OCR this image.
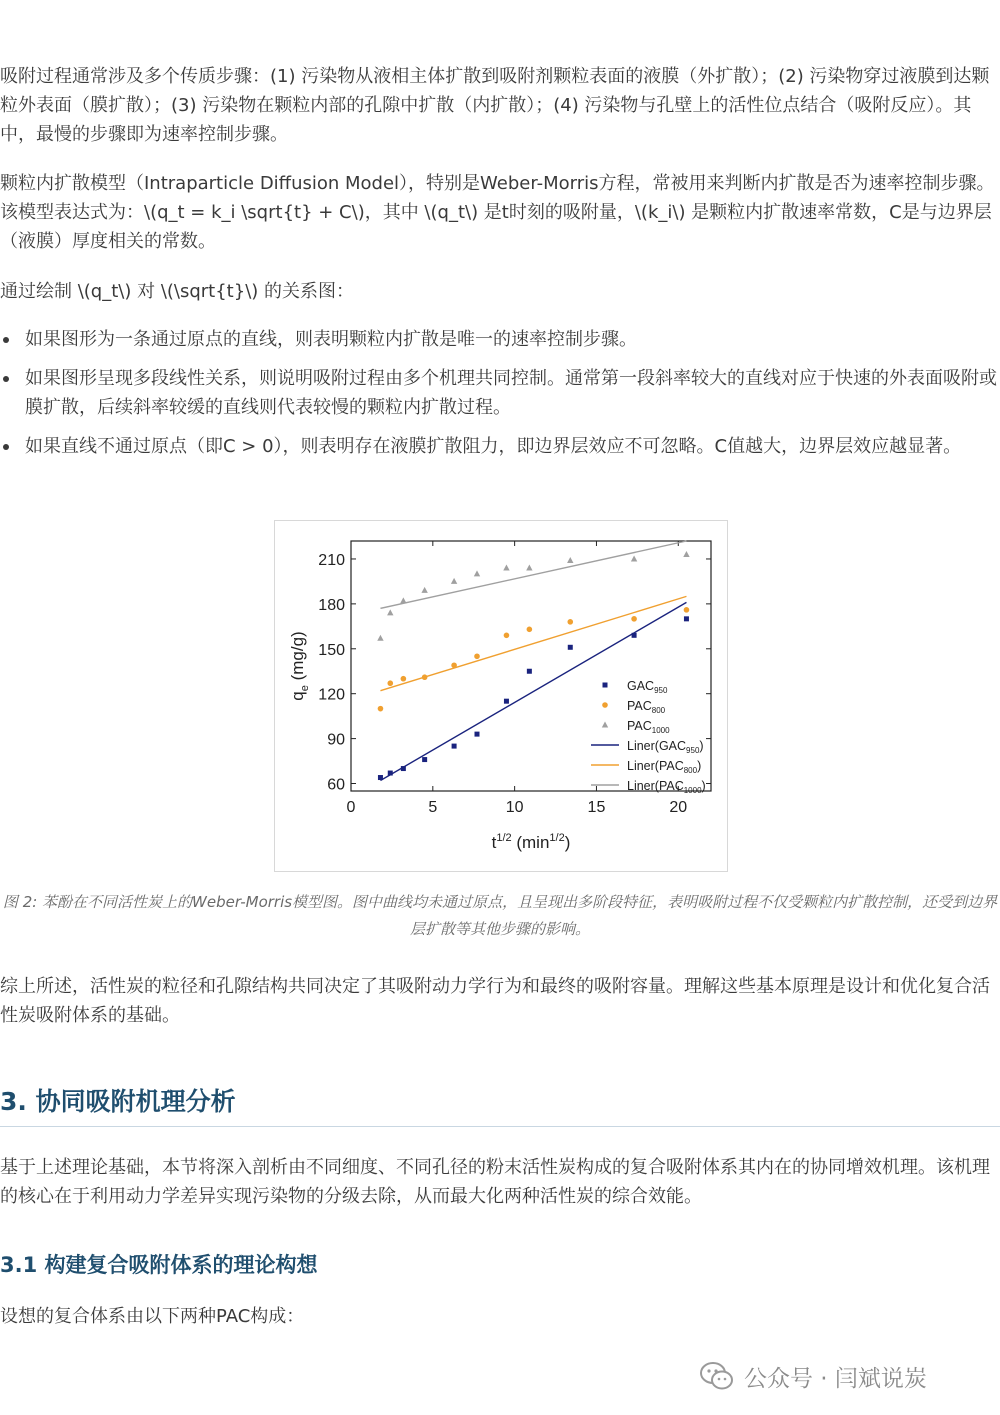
吸附过程通常涉及多个传质步骤：(1) 污染物从液相主体扩散到吸附剂颗粒表面的液膜（外扩散）；(2) 污染物穿过液膜到达颗粒外表面（膜扩散）；(3) 污染物在颗粒内部的孔隙中扩散（内扩散）；(4) 污染物与孔壁上的活性位点结合（吸附反应）。其中，最慢的步骤即为速率控制步骤。
颗粒内扩散模型（Intraparticle Diffusion Model），特别是Weber-Morris方程，常被用来判断内扩散是否为速率控制步骤。该模型表达式为：\(q_t = k_i \sqrt{t} + C\)，其中 \(q_t\) 是t时刻的吸附量，\(k_i\) 是颗粒内扩散速率常数，C是与边界层（液膜）厚度相关的常数。
通过绘制 \(q_t\) 对 \(\sqrt{t}\) 的关系图：
如果图形为一条通过原点的直线，则表明颗粒内扩散是唯一的速率控制步骤。
如果图形呈现多段线性关系，则说明吸附过程由多个机理共同控制。通常第一段斜率较大的直线对应于快速的外表面吸附或膜扩散，后续斜率较缓的直线则代表较慢的颗粒内扩散过程。
如果直线不通过原点（即C > 0），则表明存在液膜扩散阻力，即边界层效应不可忽略。C值越大，边界层效应越显著。
0	5	10	15	20
60
90
120
150
180
210
$t^{1/2}$ $(\min^{1/2})$
$q_e$ (mg/g)
$GAC_{950}$
$PAC_{800}$
$PAC_{1000}$
$Liner(GAC_{950})$
$Liner(PAC_{800})$
$Liner(PAC_{1000})$
图 2: 苯酚在不同活性炭上的Weber-Morris模型图。图中曲线均未通过原点，且呈现出多阶段特征，表明吸附过程不仅受颗粒内扩散控制，还受到边界层扩散等其他步骤的影响。
综上所述，活性炭的粒径和孔隙结构共同决定了其吸附动力学行为和最终的吸附容量。理解这些基本原理是设计和优化复合活性炭吸附体系的基础。
3. 协同吸附机理分析
基于上述理论基础，本节将深入剖析由不同细度、不同孔径的粉末活性炭构成的复合吸附体系其内在的协同增效机理。该机理的核心在于利用动力学差异实现污染物的分级去除，从而最大化两种活性炭的综合效能。
3.1 构建复合吸附体系的理论构想
设想的复合体系由以下两种PAC构成：
公众号 · 闫斌说炭
